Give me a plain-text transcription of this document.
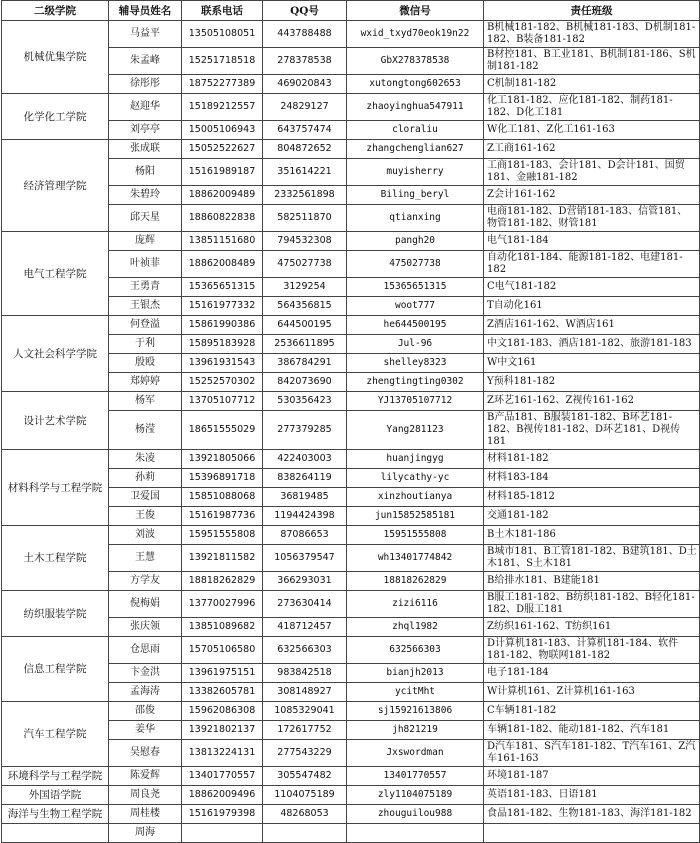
二级学院	辅导员姓名	联系电话	QQ号	微信号	责任班级
机械优集学院	马益平	13505108051	443788488	wxid_txyd70eok19n22	B机械181-182、B机械181-183、D机制181-182、B装备181-182
	朱孟峰	15251718518	278378538	GbX278378538	B材控181、B工业181、B机制181-186、S机制181-182
	徐彤彤	18752277389	469020843	xutongtong602653	C机制181-182
化学化工学院	赵迎华	15189212557	24829127	zhaoyinghua547911	化工181-182、应化181-182、制药181-182、D化工181
	刘亭亭	15005106943	643757474	cloraliu	W化工181、Z化工161-163
经济管理学院	张成联	15052522627	804872652	zhangchenglian627	Z工商161-162
	杨阳	15161989187	351614221	muyisherry	工商181-183、会计181、D会计181、国贸181、金融181-182
	朱碧玲	18862009489	2332561898	Biling_beryl	Z会计161-162
	邱天星	18860822838	582511870	qtianxing	电商181-182、D营销181-183、信管181、物管181-182、财管181
电气工程学院	庞辉	13851151680	794532308	pangh20	电气181-184
	叶祯菲	18862008489	475027738	475027738	自动化181-184、能源181-182、电建181-182
	王勇青	15365651315	3129254	15365651315	C电气181-182
	王银杰	15161977332	564356815	woot777	T自动化161
人文社会科学学院	何登溢	15861990386	644500195	he644500195	Z酒店161-162、W酒店161
	于利	15895183928	2536611895	Jul-96	中文181-183、酒店181-182、旅游181-183
	殷殴	13961931543	386784291	shelley8323	W中文161
	郑婷婷	15252570302	842073690	zhengtingting0302	Y预科181-182
设计艺术学院	杨军	13705107712	530356423	YJ13705107712	Z环艺161-162、Z视传161-162
	杨滢	18651555029	277379285	Yang281123	B产品181、B服装181-182、B环艺181-182、B视传181-182、D环艺181、D视传181
材料科学与工程学院	朱凌	13921805066	422403003	huanjingyg	材料181-182
	孙莉	15396891718	838264119	lilycathy-yc	材料183-184
	卫爱国	15851088068	36819485	xinzhoutianya	材料185-1812
	王俊	15161987736	1194424398	jun15852585181	交通181-182
土木工程学院	刘波	15951555808	87086653	15951555808	B土木181-186
	王慧	13921811582	1056379547	wh13401774842	B城市181、B工管181-182、B建筑181、D土木181、S土木181
	方学友	18818262829	366293031	18818262829	B给排水181、B建能181
纺织服装学院	倪梅娟	13770027996	273630414	zizi6116	B服工181-182、B纺织181-182、B轻化181-182、D服工181
	张庆领	13851089682	418712457	zhql1982	Z纺织161-162、T纺织161
信息工程学院	仓思雨	15705106580	632566303	632566303	D计算机181-183、计算机181-184、软件181-182、物联网181-182
	卞金洪	13961975151	983842518	bianjh2013	电子181-184
	孟海涛	13382605781	308148927	ycitMht	W计算机161、Z计算机161-163
汽车工程学院	邵俊	15962086308	1085329041	sj15921613806	C车辆181-182
	姜华	13921802137	172617752	jh821219	车辆181-182、能动181-182、汽车181
	吴慰春	13813224131	277543229	Jxswordman	D汽车181、S汽车181-182、T汽车161、Z汽车161-163
环境科学与工程学院	陈爱辉	13401770557	305547482	13401770557	环境181-187
外国语学院	周良尧	18862009496	1104075189	zly1104075189	英语181-183、日语181
海洋与生物工程学院	周桂楼	15161979398	48268053	zhouguilou988	食品181-182、生物181-183、海洋181-182
	周海				
